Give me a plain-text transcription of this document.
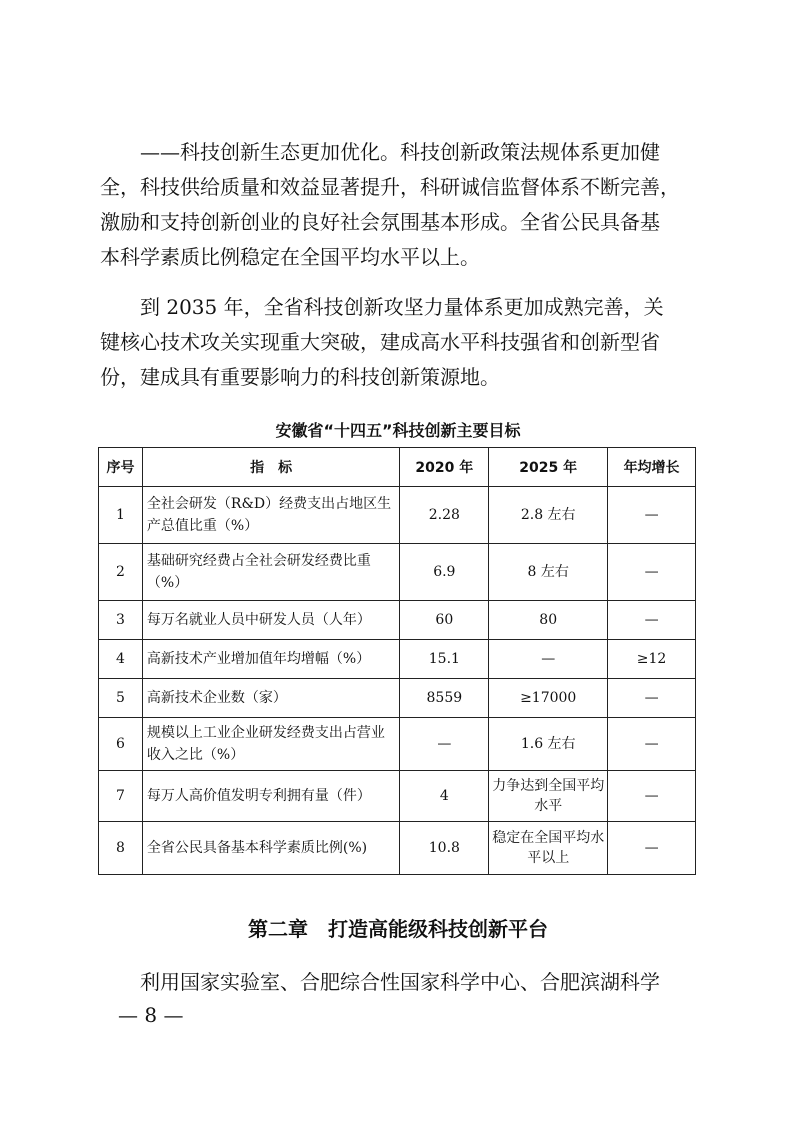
　　——科技创新生态更加优化。科技创新政策法规体系更加健
全，科技供给质量和效益显著提升，科研诚信监督体系不断完善，
激励和支持创新创业的良好社会氛围基本形成。全省公民具备基
本科学素质比例稳定在全国平均水平以上。
　　到 2035 年，全省科技创新攻坚力量体系更加成熟完善，关
键核心技术攻关实现重大突破，建成高水平科技强省和创新型省
份，建成具有重要影响力的科技创新策源地。

安徽省“十四五”科技创新主要目标

序号	指　标	2020 年	2025 年	年均增长
1	全社会研发（R&D）经费支出占地区生产总值比重（%）	2.28	2.8 左右	—
2	基础研究经费占全社会研发经费比重（%）	6.9	8 左右	—
3	每万名就业人员中研发人员（人年）	60	80	—
4	高新技术产业增加值年均增幅（%）	15.1	—	≥12
5	高新技术企业数（家）	8559	≥17000	—
6	规模以上工业企业研发经费支出占营业收入之比（%）	—	1.6 左右	—
7	每万人高价值发明专利拥有量（件）	4	力争达到全国平均水平	—
8	全省公民具备基本科学素质比例(%)	10.8	稳定在全国平均水平以上	—

第二章　打造高能级科技创新平台

　　利用国家实验室、合肥综合性国家科学中心、合肥滨湖科学

— 8 —
